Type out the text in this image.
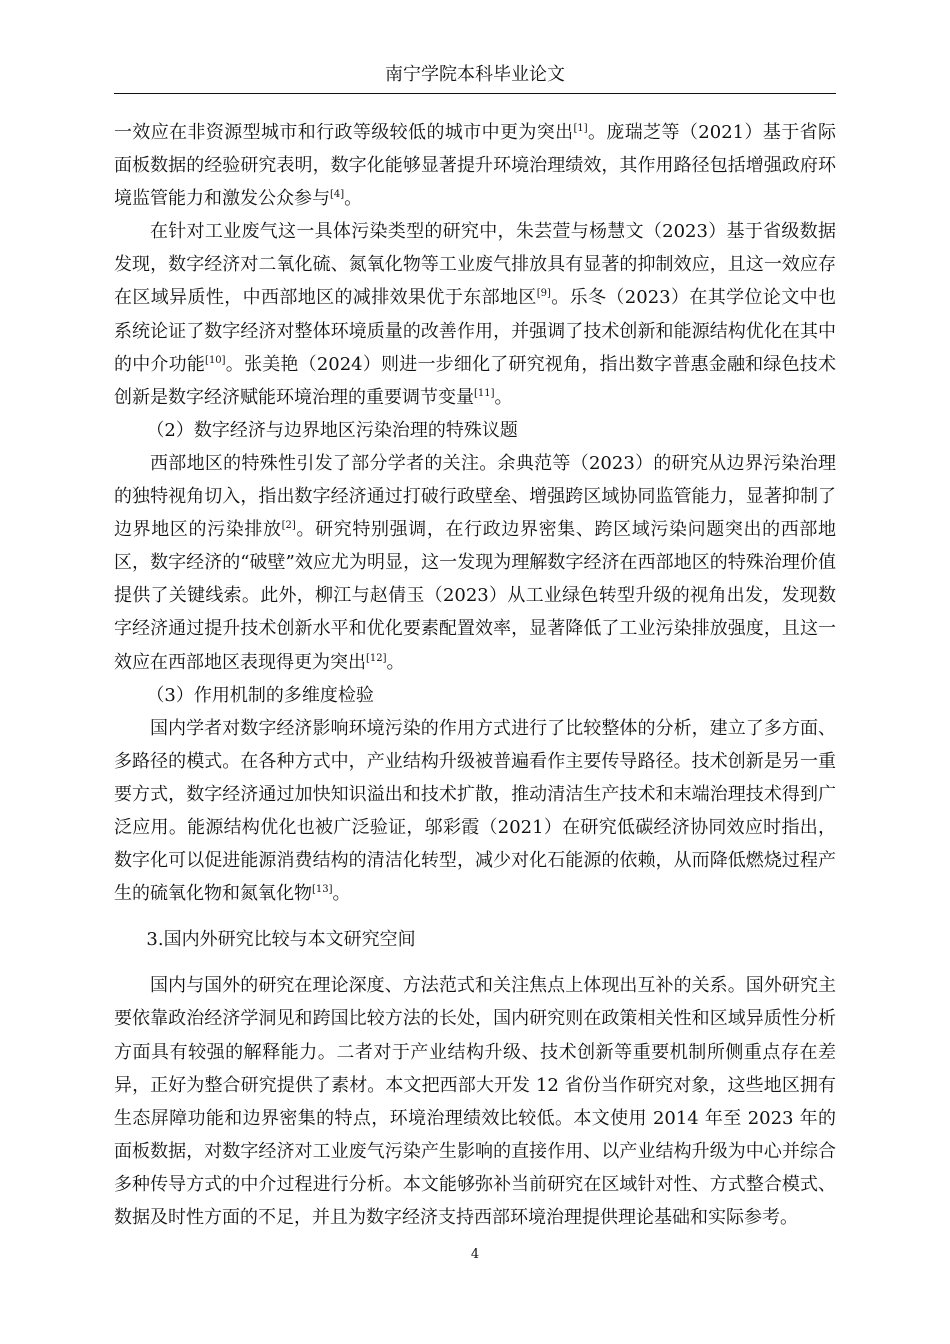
南宁学院本科毕业论文

一效应在非资源型城市和行政等级较低的城市中更为突出[1]。庞瑞芝等（2021）基于省际面板数据的经验研究表明，数字化能够显著提升环境治理绩效，其作用路径包括增强政府环境监管能力和激发公众参与[4]。

在针对工业废气这一具体污染类型的研究中，朱芸萱与杨慧文（2023）基于省级数据发现，数字经济对二氧化硫、氮氧化物等工业废气排放具有显著的抑制效应，且这一效应存在区域异质性，中西部地区的减排效果优于东部地区[9]。乐冬（2023）在其学位论文中也系统论证了数字经济对整体环境质量的改善作用，并强调了技术创新和能源结构优化在其中的中介功能[10]。张美艳（2024）则进一步细化了研究视角，指出数字普惠金融和绿色技术创新是数字经济赋能环境治理的重要调节变量[11]。

（2）数字经济与边界地区污染治理的特殊议题

西部地区的特殊性引发了部分学者的关注。余典范等（2023）的研究从边界污染治理的独特视角切入，指出数字经济通过打破行政壁垒、增强跨区域协同监管能力，显著抑制了边界地区的污染排放[2]。研究特别强调，在行政边界密集、跨区域污染问题突出的西部地区，数字经济的“破壁”效应尤为明显，这一发现为理解数字经济在西部地区的特殊治理价值提供了关键线索。此外，柳江与赵倩玉（2023）从工业绿色转型升级的视角出发，发现数字经济通过提升技术创新水平和优化要素配置效率，显著降低了工业污染排放强度，且这一效应在西部地区表现得更为突出[12]。

（3）作用机制的多维度检验

国内学者对数字经济影响环境污染的作用方式进行了比较整体的分析，建立了多方面、多路径的模式。在各种方式中，产业结构升级被普遍看作主要传导路径。技术创新是另一重要方式，数字经济通过加快知识溢出和技术扩散，推动清洁生产技术和末端治理技术得到广泛应用。能源结构优化也被广泛验证，邬彩霞（2021）在研究低碳经济协同效应时指出，数字化可以促进能源消费结构的清洁化转型，减少对化石能源的依赖，从而降低燃烧过程产生的硫氧化物和氮氧化物[13]。

3.国内外研究比较与本文研究空间

国内与国外的研究在理论深度、方法范式和关注焦点上体现出互补的关系。国外研究主要依靠政治经济学洞见和跨国比较方法的长处，国内研究则在政策相关性和区域异质性分析方面具有较强的解释能力。二者对于产业结构升级、技术创新等重要机制所侧重点存在差异，正好为整合研究提供了素材。本文把西部大开发 12 省份当作研究对象，这些地区拥有生态屏障功能和边界密集的特点，环境治理绩效比较低。本文使用 2014 年至 2023 年的面板数据，对数字经济对工业废气污染产生影响的直接作用、以产业结构升级为中心并综合多种传导方式的中介过程进行分析。本文能够弥补当前研究在区域针对性、方式整合模式、数据及时性方面的不足，并且为数字经济支持西部环境治理提供理论基础和实际参考。

4
